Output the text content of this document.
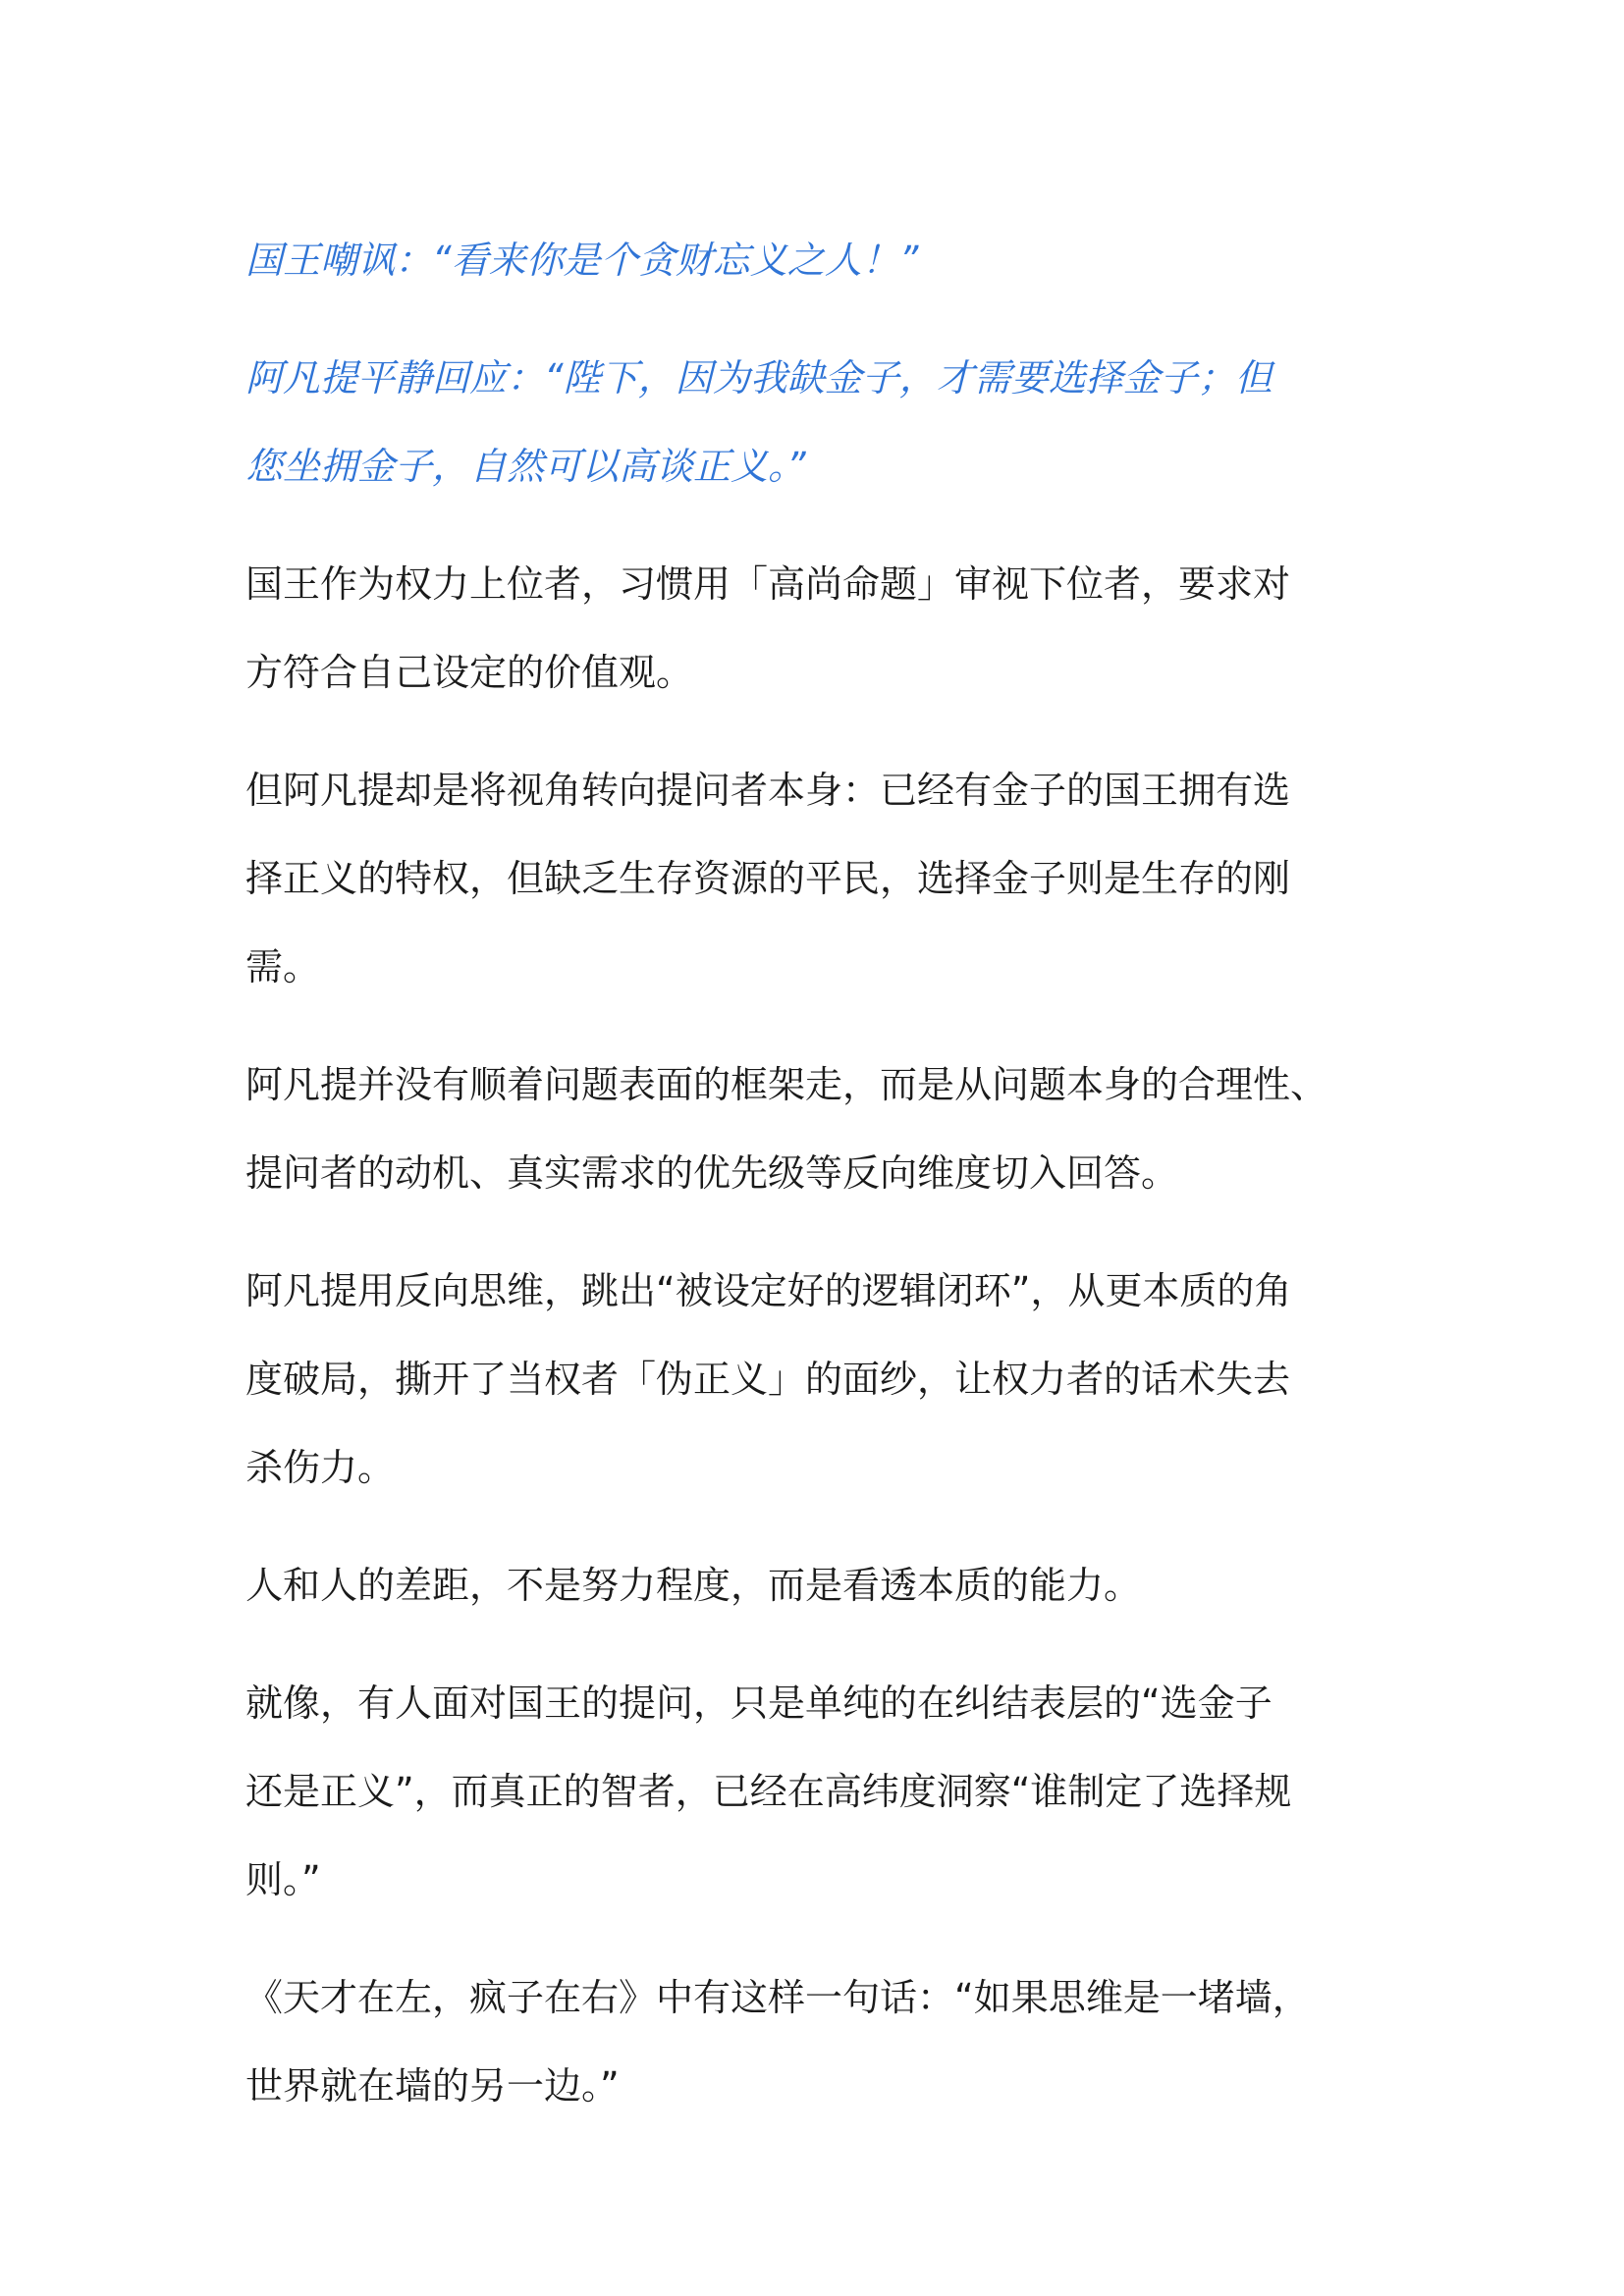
国王嘲讽：“看来你是个贪财忘义之人！”

阿凡提平静回应：“陛下，因为我缺金子，才需要选择金子；但
您坐拥金子，自然可以高谈正义。”

国王作为权力上位者，习惯用「高尚命题」审视下位者，要求对
方符合自己设定的价值观。

但阿凡提却是将视角转向提问者本身：已经有金子的国王拥有选
择正义的特权，但缺乏生存资源的平民，选择金子则是生存的刚
需。

阿凡提并没有顺着问题表面的框架走，而是从问题本身的合理性、
提问者的动机、真实需求的优先级等反向维度切入回答。

阿凡提用反向思维，跳出“被设定好的逻辑闭环”，从更本质的角
度破局，撕开了当权者「伪正义」的面纱，让权力者的话术失去
杀伤力。

人和人的差距，不是努力程度，而是看透本质的能力。

就像，有人面对国王的提问，只是单纯的在纠结表层的“选金子
还是正义”，而真正的智者，已经在高纬度洞察“谁制定了选择规
则。”

《天才在左，疯子在右》中有这样一句话：“如果思维是一堵墙，
世界就在墙的另一边。”
